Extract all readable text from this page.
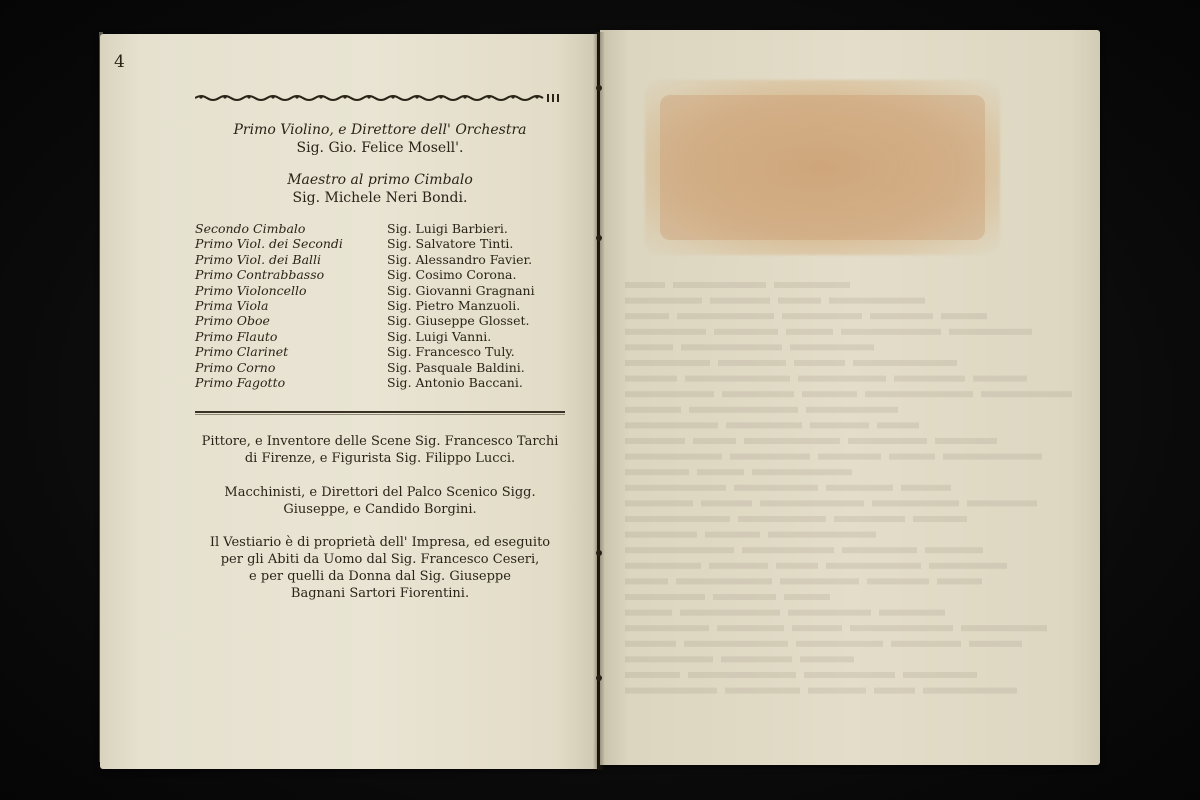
4
Primo Violino, e Direttore dell' Orchestra
Sig. Gio. Felice Mosell'.
Maestro al primo Cimbalo
Sig. Michele Neri Bondi.
Secondo Cimbalo	Sig. Luigi Barbieri.
Primo Viol. dei Secondi	Sig. Salvatore Tinti.
Primo Viol. dei Balli	Sig. Alessandro Favier.
Primo Contrabbasso	Sig. Cosimo Corona.
Primo Violoncello	Sig. Giovanni Gragnani
Prima Viola	Sig. Pietro Manzuoli.
Primo Oboe	Sig. Giuseppe Glosset.
Primo Flauto	Sig. Luigi Vanni.
Primo Clarinet	Sig. Francesco Tuly.
Primo Corno	Sig. Pasquale Baldini.
Primo Fagotto	Sig. Antonio Baccani.
Pittore, e Inventore delle Scene Sig. Francesco Tarchi
di Firenze, e Figurista Sig. Filippo Lucci.
Macchinisti, e Direttori del Palco Scenico Sigg.
Giuseppe, e Candido Borgini.
Il Vestiario è di proprietà dell' Impresa, ed eseguito
per gli Abiti da Uomo dal Sig. Francesco Ceseri,
e per quelli da Donna dal Sig. Giuseppe
Bagnani Sartori Fiorentini.
